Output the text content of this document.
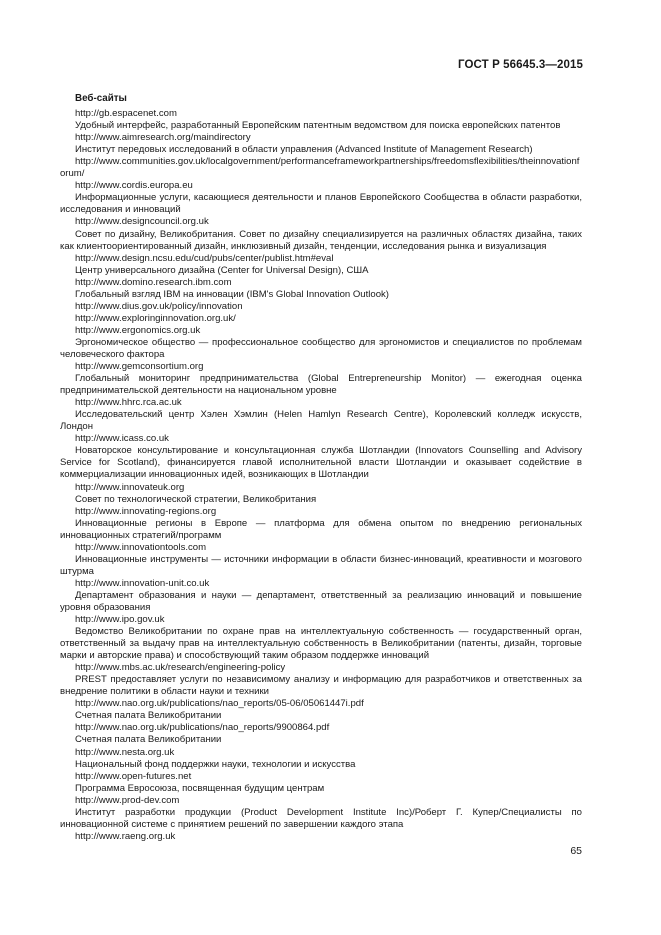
ГОСТ Р 56645.3—2015
Веб-сайты

http://gb.espacenet.com

Удобный интерфейс, разработанный Европейским патентным ведомством для поиска европейских патентов

http://www.aimresearch.org/maindirectory

Институт передовых исследований в области управления (Advanced Institute of Management Research)

http://www.communities.gov.uk/localgovernment/performanceframeworkpartnerships/freedomsflexibilities/theinnovationforum/

http://www.cordis.europa.eu

Информационные услуги, касающиеся деятельности и планов Европейского Сообщества в области разработки, исследования и инноваций

http://www.designcouncil.org.uk

Совет по дизайну, Великобритания. Совет по дизайну специализируется на различных областях дизайна, таких как клиентоориентированный дизайн, инклюзивный дизайн, тенденции, исследования рынка и визуализация

http://www.design.ncsu.edu/cud/pubs/center/publist.htm#eval

Центр универсального дизайна (Center for Universal Design), США

http://www.domino.research.ibm.com

Глобальный взгляд IBM на инновации (IBM's Global Innovation Outlook)

http://www.dius.gov.uk/policy/innovation

http://www.exploringinnovation.org.uk/

http://www.ergonomics.org.uk

Эргономическое общество — профессиональное сообщество для эргономистов и специалистов по проблемам человеческого фактора

http://www.gemconsortium.org

Глобальный мониторинг предпринимательства (Global Entrepreneurship Monitor) — ежегодная оценка предпринимательской деятельности на национальном уровне

http://www.hhrc.rca.ac.uk

Исследовательский центр Хэлен Хэмлин (Helen Hamlyn Research Centre), Королевский колледж искусств, Лондон

http://www.icass.co.uk

Новаторское консультирование и консультационная служба Шотландии (Innovators Counselling and Advisory Service for Scotland), финансируется главой исполнительной власти Шотландии и оказывает содействие в коммерциализации инновационных идей, возникающих в Шотландии

http://www.innovateuk.org

Совет по технологической стратегии, Великобритания

http://www.innovating-regions.org

Инновационные регионы в Европе — платформа для обмена опытом по внедрению региональных инновационных стратегий/программ

http://www.innovationtools.com

Инновационные инструменты — источники информации в области бизнес-инноваций, креативности и мозгового штурма

http://www.innovation-unit.co.uk

Департамент образования и науки — департамент, ответственный за реализацию инноваций и повышение уровня образования

http://www.ipo.gov.uk

Ведомство Великобритании по охране прав на интеллектуальную собственность — государственный орган, ответственный за выдачу прав на интеллектуальную собственность в Великобритании (патенты, дизайн, торговые марки и авторские права) и способствующий таким образом поддержке инноваций

http://www.mbs.ac.uk/research/engineering-policy

PREST предоставляет услуги по независимому анализу и информацию для разработчиков и ответственных за внедрение политики в области науки и техники

http://www.nao.org.uk/publications/nao_reports/05-06/05061447i.pdf

Счетная палата Великобритании

http://www.nao.org.uk/publications/nao_reports/9900864.pdf

Счетная палата Великобритании

http://www.nesta.org.uk

Национальный фонд поддержки науки, технологии и искусства

http://www.open-futures.net

Программа Евросоюза, посвященная будущим центрам

http://www.prod-dev.com

Институт разработки продукции (Product Development Institute Inc)/Роберт Г. Купер/Специалисты по инновационной системе с принятием решений по завершении каждого этапа

http://www.raeng.org.uk

65
